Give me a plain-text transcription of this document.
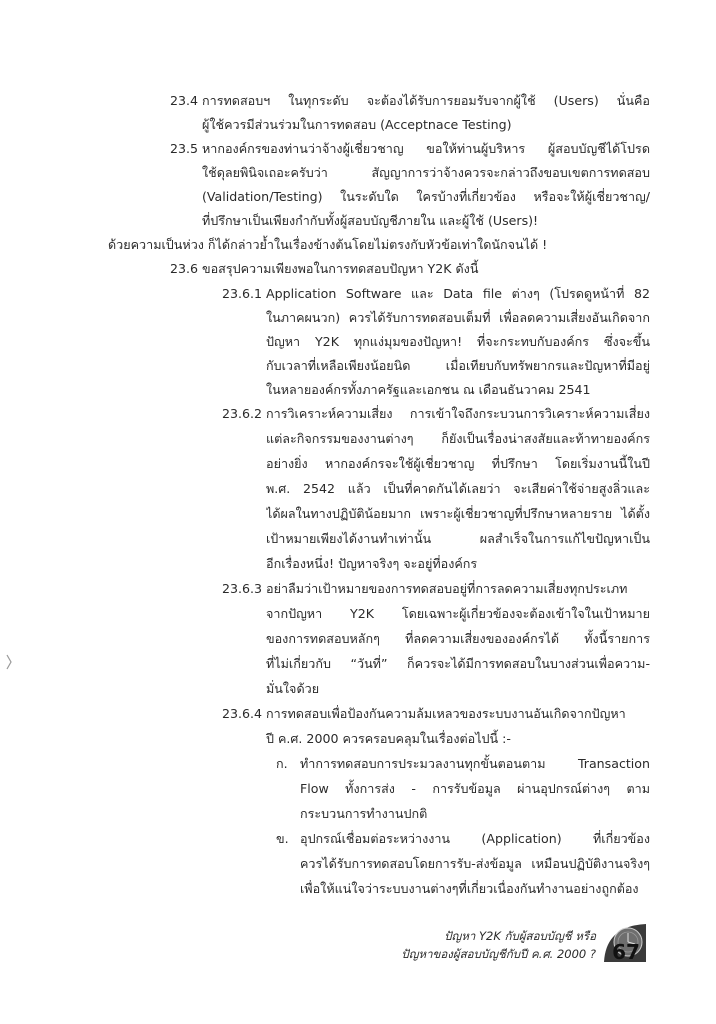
23.4 การทดสอบฯ ในทุกระดับ จะต้องได้รับการยอมรับจากผู้ใช้ (Users) นั่นคือ
ผู้ใช้ควรมีส่วนร่วมในการทดสอบ (Acceptnace Testing)
23.5 หากองค์กรของท่านว่าจ้างผู้เชี่ยวชาญ ขอให้ท่านผู้บริหาร ผู้สอบบัญชีได้โปรด
ใช้ดุลยพินิจเถอะครับว่า สัญญาการว่าจ้างควรจะกล่าวถึงขอบเขตการทดสอบ
(Validation/Testing) ในระดับใด ใครบ้างที่เกี่ยวข้อง หรือจะให้ผู้เชี่ยวชาญ/
ที่ปรึกษาเป็นเพียงกำกับทั้งผู้สอบบัญชีภายใน และผู้ใช้ (Users)!
ด้วยความเป็นห่วง ก็ได้กล่าวย้ำในเรื่องข้างต้นโดยไม่ตรงกับหัวข้อเท่าใดนักจนได้ !
23.6 ขอสรุปความเพียงพอในการทดสอบปัญหา Y2K ดังนี้
23.6.1 Application Software และ Data file ต่างๆ (โปรดดูหน้าที่ 82
ในภาคผนวก) ควรได้รับการทดสอบเต็มที่ เพื่อลดความเสี่ยงอันเกิดจาก
ปัญหา Y2K ทุกแง่มุมของปัญหา! ที่จะกระทบกับองค์กร ซึ่งจะขึ้น
กับเวลาที่เหลือเพียงน้อยนิด เมื่อเทียบกับทรัพยากรและปัญหาที่มีอยู่
ในหลายองค์กรทั้งภาครัฐและเอกชน ณ เดือนธันวาคม 2541
23.6.2 การวิเคราะห์ความเสี่ยง การเข้าใจถึงกระบวนการวิเคราะห์ความเสี่ยง
แต่ละกิจกรรมของงานต่างๆ ก็ยังเป็นเรื่องน่าสงสัยและท้าทายองค์กร
อย่างยิ่ง หากองค์กรจะใช้ผู้เชี่ยวชาญ ที่ปรึกษา โดยเริ่มงานนี้ในปี
พ.ศ. 2542 แล้ว เป็นที่คาดกันได้เลยว่า จะเสียค่าใช้จ่ายสูงลิ่วและ
ได้ผลในทางปฏิบัติน้อยมาก เพราะผู้เชี่ยวชาญที่ปรึกษาหลายราย ได้ตั้ง
เป้าหมายเพียงได้งานทำเท่านั้น ผลสำเร็จในการแก้ไขปัญหาเป็น
อีกเรื่องหนึ่ง! ปัญหาจริงๆ จะอยู่ที่องค์กร
23.6.3 อย่าลืมว่าเป้าหมายของการทดสอบอยู่ที่การลดความเสี่ยงทุกประเภท
จากปัญหา Y2K โดยเฉพาะผู้เกี่ยวข้องจะต้องเข้าใจในเป้าหมาย
ของการทดสอบหลักๆ ที่ลดความเสี่ยงขององค์กรได้ ทั้งนี้รายการ
ที่ไม่เกี่ยวกับ “วันที่” ก็ควรจะได้มีการทดสอบในบางส่วนเพื่อความ-
มั่นใจด้วย
23.6.4 การทดสอบเพื่อป้องกันความล้มเหลวของระบบงานอันเกิดจากปัญหา
ปี ค.ศ. 2000 ควรครอบคลุมในเรื่องต่อไปนี้ :-
ก. ทำการทดสอบการประมวลงานทุกขั้นตอนตาม Transaction
Flow ทั้งการส่ง - การรับข้อมูล ผ่านอุปกรณ์ต่างๆ ตาม
กระบวนการทำงานปกติ
ข. อุปกรณ์เชื่อมต่อระหว่างงาน (Application) ที่เกี่ยวข้อง
ควรได้รับการทดสอบโดยการรับ-ส่งข้อมูล เหมือนปฏิบัติงานจริงๆ
เพื่อให้แน่ใจว่าระบบงานต่างๆที่เกี่ยวเนื่องกันทำงานอย่างถูกต้อง
ปัญหา Y2K กับผู้สอบบัญชี หรือ
ปัญหาของผู้สอบบัญชีกับปี ค.ศ. 2000 ? 67
